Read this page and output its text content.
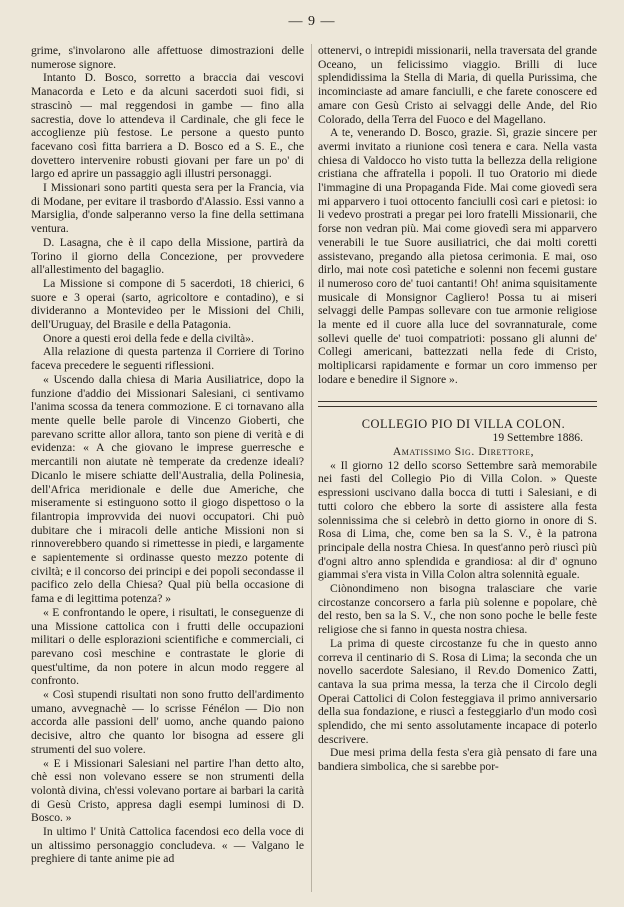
— 9 —

grime, s'involarono alle affettuose dimostrazioni delle numerose signore.

Intanto D. Bosco, sorretto a braccia dai vescovi Manacorda e Leto e da alcuni sacerdoti suoi fidi, si strascinò — mal reggendosi in gambe — fino alla sacrestia, dove lo attendeva il Cardinale, che gli fece le accoglienze più festose. Le persone a questo punto facevano così fitta barriera a D. Bosco ed a S. E., che dovettero intervenire robusti giovani per fare un po' di largo ed aprire un passaggio agli illustri personaggi.

I Missionari sono partiti questa sera per la Francia, via di Modane, per evitare il trasbordo d'Alassio. Essi vanno a Marsiglia, d'onde salperanno verso la fine della settimana ventura.

D. Lasagna, che è il capo della Missione, partirà da Torino il giorno della Concezione, per provvedere all'allestimento del bagaglio.

La Missione si compone di 5 sacerdoti, 18 chierici, 6 suore e 3 operai (sarto, agricoltore e contadino), e si divideranno a Montevideo per le Missioni del Chili, dell'Uruguay, del Brasile e della Patagonia.

Onore a questi eroi della fede e della civiltà».

Alla relazione di questa partenza il Corriere di Torino faceva precedere le seguenti riflessioni.

« Uscendo dalla chiesa di Maria Ausiliatrice, dopo la funzione d'addio dei Missionari Salesiani, ci sentivamo l'anima scossa da tenera commozione. E ci tornavano alla mente quelle belle parole di Vincenzo Gioberti, che parevano scritte allor allora, tanto son piene di verità e di evidenza: « A che giovano le imprese guerresche e mercantili non aiutate nè temperate da credenze ideali? Dicanlo le misere schiatte dell'Australia, della Polinesia, dell'Africa meridionale e delle due Americhe, che miseramente si estinguono sotto il giogo dispettoso o la filantropia improvvida dei nuovi occupatori. Chi può dubitare che i miracoli delle antiche Missioni non si rinnoverebbero quando si rimettesse in piedi, e largamente e sapientemente si ordinasse questo mezzo potente di civiltà; e il concorso dei principi e dei popoli secondasse il pacifico zelo della Chiesa? Qual più bella occasione di fama e di legittima potenza? »

« E confrontando le opere, i risultati, le conseguenze di una Missione cattolica con i frutti delle occupazioni militari o delle esplorazioni scientifiche e commerciali, ci parevano così meschine e contrastate le glorie di quest'ultime, da non potere in alcun modo reggere al confronto.

« Così stupendi risultati non sono frutto dell'ardimento umano, avvegnachè — lo scrisse Fénélon — Dio non accorda alle passioni dell' uomo, anche quando paiono decisive, altro che quanto lor bisogna ad essere gli strumenti del suo volere.

« E i Missionari Salesiani nel partire l'han detto alto, chè essi non volevano essere se non strumenti della volontà divina, ch'essi volevano portare ai barbari la carità di Gesù Cristo, appresa dagli esempi luminosi di D. Bosco. »

In ultimo l' Unità Cattolica facendosi eco della voce di un altissimo personaggio concludeva. « — Valgano le preghiere di tante anime pie ad

ottenervi, o intrepidi missionarii, nella traversata del grande Oceano, un felicissimo viaggio. Brilli di luce splendidissima la Stella di Maria, di quella Purissima, che incominciaste ad amare fanciulli, e che farete conoscere ed amare con Gesù Cristo ai selvaggi delle Ande, del Rio Colorado, della Terra del Fuoco e del Magellano.

A te, venerando D. Bosco, grazie. Sì, grazie sincere per avermi invitato a riunione così tenera e cara. Nella vasta chiesa di Valdocco ho visto tutta la bellezza della religione cristiana che affratella i popoli. Il tuo Oratorio mi diede l'immagine di una Propaganda Fide. Mai come giovedì sera mi apparvero i tuoi ottocento fanciulli così cari e pietosi: io li vedevo prostrati a pregar pei loro fratelli Missionarii, che forse non vedran più. Mai come giovedì sera mi apparvero venerabili le tue Suore ausiliatrici, che dai molti coretti assistevano, pregando alla pietosa cerimonia. E mai, oso dirlo, mai note così patetiche e solenni non fecemi gustare il numeroso coro de' tuoi cantanti! Oh! anima squisitamente musicale di Monsignor Cagliero! Possa tu ai miseri selvaggi delle Pampas sollevare con tue armonie religiose la mente ed il cuore alla luce del sovrannaturale, come sollevi quelle de' tuoi compatrioti: possano gli alunni de' Collegi americani, battezzati nella fede di Cristo, moltiplicarsi rapidamente e formar un coro immenso per lodare e benedire il Signore ».

COLLEGIO PIO DI VILLA COLON.

19 Settembre 1886.

Amatissimo Sig. Direttore,

« Il giorno 12 dello scorso Settembre sarà memorabile nei fasti del Collegio Pio di Villa Colon. » Queste espressioni uscivano dalla bocca di tutti i Salesiani, e di tutti coloro che ebbero la sorte di assistere alla festa solennissima che si celebrò in detto giorno in onore di S. Rosa di Lima, che, come ben sa la S. V., è la patrona principale della nostra Chiesa. In quest'anno però riuscì più d'ogni altro anno splendida e grandiosa: al dir d' ognuno giammai s'era vista in Villa Colon altra solennità eguale.

Ciònondimeno non bisogna tralasciare che varie circostanze concorsero a farla più solenne e popolare, chè del resto, ben sa la S. V., che non sono poche le belle feste religiose che si fanno in questa nostra chiesa.

La prima di queste circostanze fu che in questo anno correva il centinario di S. Rosa di Lima; la seconda che un novello sacerdote Salesiano, il Rev.do Domenico Zatti, cantava la sua prima messa, la terza che il Circolo degli Operai Cattolici di Colon festeggiava il primo anniversario della sua fondazione, e riuscì a festeggiarlo d'un modo così splendido, che mi sento assolutamente incapace di poterlo descrivere.

Due mesi prima della festa s'era già pensato di fare una bandiera simbolica, che si sarebbe por-
